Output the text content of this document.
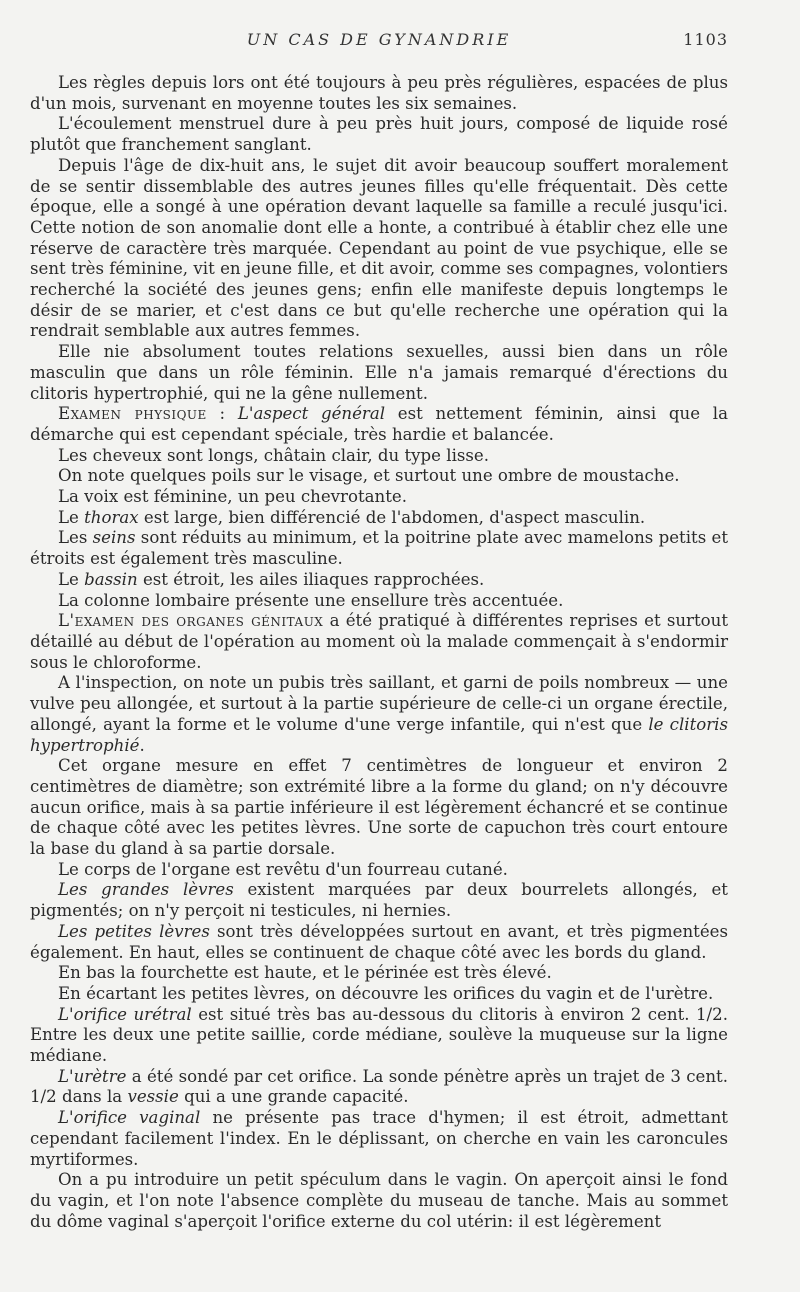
UN CAS DE GYNANDRIE	1103

Les règles depuis lors ont été toujours à peu près régulières, espacées de plus d'un mois, survenant en moyenne toutes les six semaines.

L'écoulement menstruel dure à peu près huit jours, composé de liquide rosé plutôt que franchement sanglant.

Depuis l'âge de dix-huit ans, le sujet dit avoir beaucoup souffert moralement de se sentir dissemblable des autres jeunes filles qu'elle fréquentait. Dès cette époque, elle a songé à une opération devant laquelle sa famille a reculé jusqu'ici. Cette notion de son anomalie dont elle a honte, a contribué à établir chez elle une réserve de caractère très marquée. Cependant au point de vue psychique, elle se sent très féminine, vit en jeune fille, et dit avoir, comme ses compagnes, volontiers recherché la société des jeunes gens; enfin elle manifeste depuis longtemps le désir de se marier, et c'est dans ce but qu'elle recherche une opération qui la rendrait semblable aux autres femmes.

Elle nie absolument toutes relations sexuelles, aussi bien dans un rôle masculin que dans un rôle féminin. Elle n'a jamais remarqué d'érections du clitoris hypertrophié, qui ne la gêne nullement.

Examen physique : L'aspect général est nettement féminin, ainsi que la démarche qui est cependant spéciale, très hardie et balancée.

Les cheveux sont longs, châtain clair, du type lisse.

On note quelques poils sur le visage, et surtout une ombre de moustache.

La voix est féminine, un peu chevrotante.

Le thorax est large, bien différencié de l'abdomen, d'aspect masculin.

Les seins sont réduits au minimum, et la poitrine plate avec mamelons petits et étroits est également très masculine.

Le bassin est étroit, les ailes iliaques rapprochées.

La colonne lombaire présente une ensellure très accentuée.

L'examen des organes génitaux a été pratiqué à différentes reprises et surtout détaillé au début de l'opération au moment où la malade commençait à s'endormir sous le chloroforme.

A l'inspection, on note un pubis très saillant, et garni de poils nombreux — une vulve peu allongée, et surtout à la partie supérieure de celle-ci un organe érectile, allongé, ayant la forme et le volume d'une verge infantile, qui n'est que le clitoris hypertrophié.

Cet organe mesure en effet 7 centimètres de longueur et environ 2 centimètres de diamètre; son extrémité libre a la forme du gland; on n'y découvre aucun orifice, mais à sa partie inférieure il est légèrement échancré et se continue de chaque côté avec les petites lèvres. Une sorte de capuchon très court entoure la base du gland à sa partie dorsale.

Le corps de l'organe est revêtu d'un fourreau cutané.

Les grandes lèvres existent marquées par deux bourrelets allongés, et pigmentés; on n'y perçoit ni testicules, ni hernies.

Les petites lèvres sont très développées surtout en avant, et très pigmentées également. En haut, elles se continuent de chaque côté avec les bords du gland.

En bas la fourchette est haute, et le périnée est très élevé.

En écartant les petites lèvres, on découvre les orifices du vagin et de l'urètre.

L'orifice urétral est situé très bas au-dessous du clitoris à environ 2 cent. 1/2. Entre les deux une petite saillie, corde médiane, soulève la muqueuse sur la ligne médiane.

L'urètre a été sondé par cet orifice. La sonde pénètre après un trajet de 3 cent. 1/2 dans la vessie qui a une grande capacité.

L'orifice vaginal ne présente pas trace d'hymen; il est étroit, admettant cependant facilement l'index. En le déplissant, on cherche en vain les caroncules myrtiformes.

On a pu introduire un petit spéculum dans le vagin. On aperçoit ainsi le fond du vagin, et l'on note l'absence complète du museau de tanche. Mais au sommet du dôme vaginal s'aperçoit l'orifice externe du col utérin: il est légèrement
